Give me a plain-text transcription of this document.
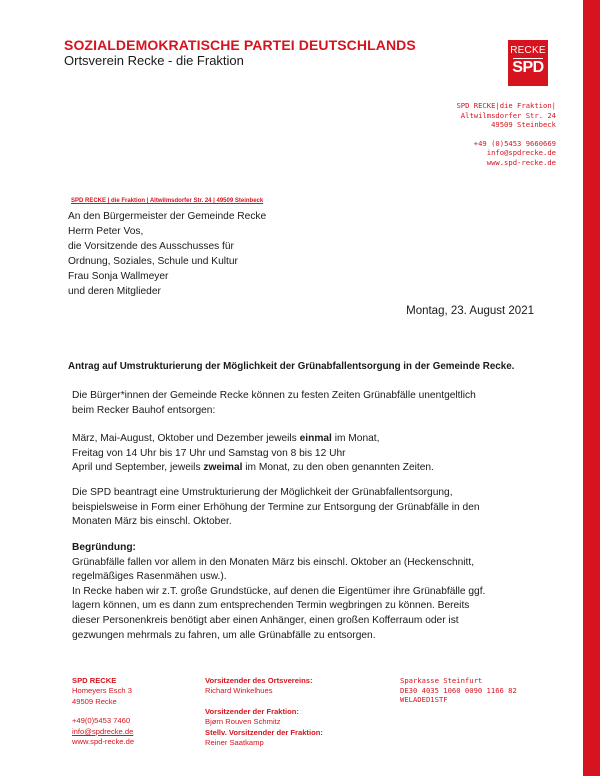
SOZIALDEMOKRATISCHE PARTEI DEUTSCHLANDS
Ortsverein Recke - die Fraktion
RECKE
SPD
SPD RECKE|die Fraktion|
Altwilmsdorfer Str. 24
49509 Steinbeck
+49 (0)5453 9660669
info@spdrecke.de
www.spd-recke.de
SPD RECKE | die Fraktion | Altwilmsdorfer Str. 24 | 49509 Steinbeck
An den Bürgermeister der Gemeinde Recke
Herrn Peter Vos,
die Vorsitzende des Ausschusses für
Ordnung, Soziales, Schule und Kultur
Frau Sonja Wallmeyer
und deren Mitglieder
Montag, 23. August 2021
Antrag auf Umstrukturierung der Möglichkeit der Grünabfallentsorgung in der Gemeinde Recke.
Die Bürger*innen der Gemeinde Recke können zu festen Zeiten Grünabfälle unentgeltlich
beim Recker Bauhof entsorgen:
März, Mai-August, Oktober und Dezember jeweils einmal im Monat,
Freitag von 14 Uhr bis 17 Uhr und Samstag von 8 bis 12 Uhr
April und September, jeweils zweimal im Monat, zu den oben genannten Zeiten.
Die SPD beantragt eine Umstrukturierung der Möglichkeit der Grünabfallentsorgung,
beispielsweise in Form einer Erhöhung der Termine zur Entsorgung der Grünabfälle in den
Monaten März bis einschl. Oktober.
Begründung:
Grünabfälle fallen vor allem in den Monaten März bis einschl. Oktober an (Heckenschnitt,
regelmäßiges Rasenmähen usw.).
In Recke haben wir z.T. große Grundstücke, auf denen die Eigentümer ihre Grünabfälle ggf.
lagern können, um es dann zum entsprechenden Termin wegbringen zu können. Bereits
dieser Personenkreis benötigt aber einen Anhänger, einen großen Kofferraum oder ist
gezwungen mehrmals zu fahren, um alle Grünabfälle zu entsorgen.
SPD RECKE
Homeyers Esch 3
49509 Recke
+49(0)5453 7460
info@spdrecke.de
www.spd-recke.de
Vorsitzender des Ortsvereins:
Richard Winkelhues
Vorsitzender der Fraktion:
Bjørn Rouven Schmitz
Stellv. Vorsitzender der Fraktion:
Reiner Saatkamp
Sparkasse Steinfurt
DE30 4035 1060 0090 1166 82
WELADED1STF
